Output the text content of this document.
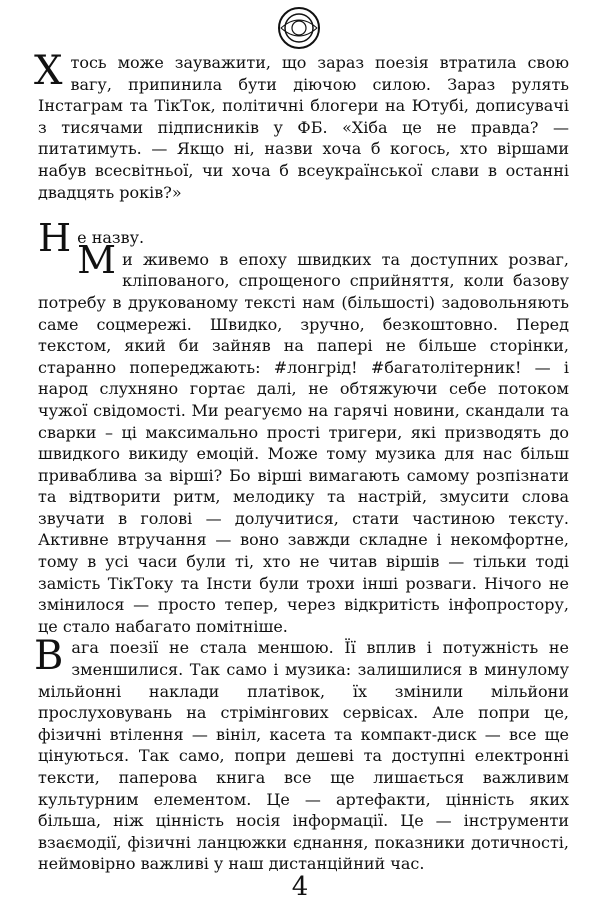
Х тось може зауважити, що зараз поезія втратила свою вагу, припинила бути діючою силою. Зараз рулять Інстаграм та ТікТок, політичні блогери на Ютубі, дописувачі з тисячами підписників у ФБ. «Хіба це не правда? — питатимуть. — Якщо ні, назви хоча б когось, хто віршами набув всесвітньої, чи хоча б всеукраїнської слави в останні двадцять років?»

Н е назву.

М и живемо в епоху швидких та доступних розваг, кліпованого, спрощеного сприйняття, коли базову потребу в друкованому тексті нам (більшості) задовольняють саме соцмережі. Швидко, зручно, безкоштовно. Перед текстом, який би зайняв на папері не більше сторінки, старанно попереджають: #лонгрід! #багатолітерник! — і народ слухняно гортає далі, не обтяжуючи себе потоком чужої свідомості. Ми реагуємо на гарячі новини, скандали та сварки – ці максимально прості тригери, які призводять до швидкого викиду емоцій. Може тому музика для нас більш приваблива за вірші? Бо вірші вимагають самому розпізнати та відтворити ритм, мелодику та настрій, змусити слова звучати в голові — долучитися, стати частиною тексту. Активне втручання — воно завжди складне і некомфортне, тому в усі часи були ті, хто не читав віршів — тільки тоді замість ТікТоку та Інсти були трохи інші розваги. Нічого не змінилося — просто тепер, через відкритість інфопростору, це стало набагато помітніше.

В ага поезії не стала меншою. Її вплив і потужність не зменшилися. Так само і музика: залишилися в минулому мільйонні наклади платівок, їх змінили мільйони прослуховувань на стрімінгових сервісах. Але попри це, фізичні втілення — вініл, касета та компакт-диск — все ще цінуються. Так само, попри дешеві та доступні електронні тексти, паперова книга все ще лишається важливим культурним елементом. Це — артефакти, цінність яких більша, ніж цінність носія інформації. Це — інструменти взаємодії, фізичні ланцюжки єднання, показники дотичності, неймовірно важливі у наш дистанційний час.

4
